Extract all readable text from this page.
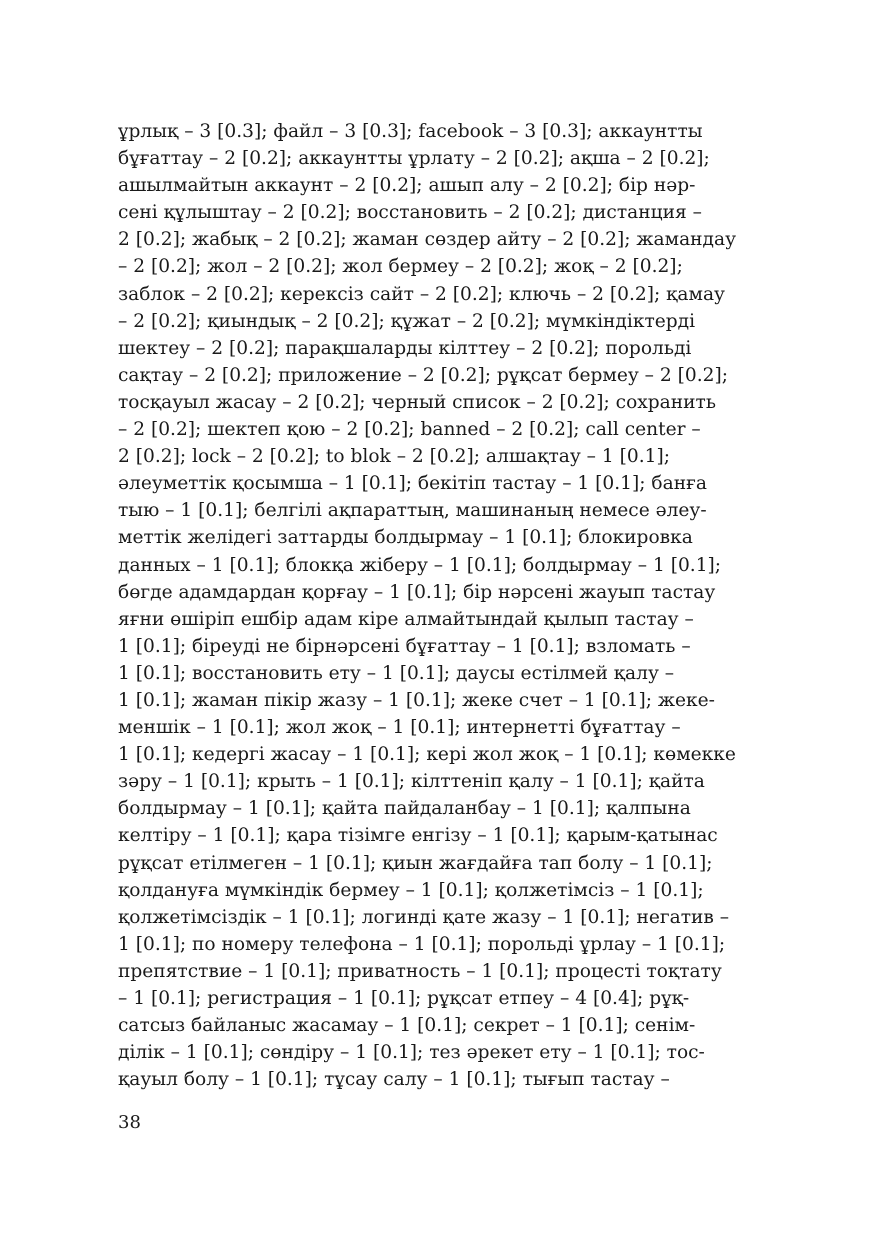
ұрлық – 3 [0.3]; файл – 3 [0.3]; facebook – 3 [0.3]; аккаунтты
бұғаттау – 2 [0.2]; аккаунтты ұрлату – 2 [0.2]; ақша – 2 [0.2];
ашылмайтын аккаунт – 2 [0.2]; ашып алу – 2 [0.2]; бір нәр-
сені құлыштау – 2 [0.2]; восстановить – 2 [0.2]; дистанция –
2 [0.2]; жабық – 2 [0.2]; жаман сөздер айту – 2 [0.2]; жамандау
– 2 [0.2]; жол – 2 [0.2]; жол бермеу – 2 [0.2]; жоқ – 2 [0.2];
заблок – 2 [0.2]; керексіз сайт – 2 [0.2]; ключь – 2 [0.2]; қамау
– 2 [0.2]; қиындық – 2 [0.2]; құжат – 2 [0.2]; мүмкіндіктерді
шектеу – 2 [0.2]; парақшаларды кілттеу – 2 [0.2]; порольді
сақтау – 2 [0.2]; приложение – 2 [0.2]; рұқсат бермеу – 2 [0.2];
тосқауыл жасау – 2 [0.2]; черный список – 2 [0.2]; сохранить
– 2 [0.2]; шектеп қою – 2 [0.2]; banned – 2 [0.2]; call center –
2 [0.2]; lock – 2 [0.2]; to blok – 2 [0.2]; алшақтау – 1 [0.1];
әлеуметтік қосымша – 1 [0.1]; бекітіп тастау – 1 [0.1]; банға
тыю – 1 [0.1]; белгілі ақпараттың, машинаның немесе әлеу-
меттік желідегі заттарды болдырмау – 1 [0.1]; блокировка
данных – 1 [0.1]; блокқа жіберу – 1 [0.1]; болдырмау – 1 [0.1];
бөгде адамдардан қорғау – 1 [0.1]; бір нәрсені жауып тастау
яғни өшіріп ешбір адам кіре алмайтындай қылып тастау –
1 [0.1]; біреуді не бірнәрсені бұғаттау – 1 [0.1]; взломать –
1 [0.1]; восстановить ету – 1 [0.1]; даусы естілмей қалу –
1 [0.1]; жаман пікір жазу – 1 [0.1]; жеке счет – 1 [0.1]; жеке-
меншік – 1 [0.1]; жол жоқ – 1 [0.1]; интернетті бұғаттау –
1 [0.1]; кедергі жасау – 1 [0.1]; кері жол жоқ – 1 [0.1]; көмекке
зәру – 1 [0.1]; крыть – 1 [0.1]; кілттеніп қалу – 1 [0.1]; қайта
болдырмау – 1 [0.1]; қайта пайдаланбау – 1 [0.1]; қалпына
келтіру – 1 [0.1]; қара тізімге енгізу – 1 [0.1]; қарым-қатынас
рұқсат етілмеген – 1 [0.1]; қиын жағдайға тап болу – 1 [0.1];
қолдануға мүмкіндік бермеу – 1 [0.1]; қолжетімсіз – 1 [0.1];
қолжетімсіздік – 1 [0.1]; логинді қате жазу – 1 [0.1]; негатив –
1 [0.1]; по номеру телефона – 1 [0.1]; порольді ұрлау – 1 [0.1];
препятствие – 1 [0.1]; приватность – 1 [0.1]; процесті тоқтату
– 1 [0.1]; регистрация – 1 [0.1]; рұқсат етпеу – 4 [0.4]; рұқ-
сатсыз байланыс жасамау – 1 [0.1]; секрет – 1 [0.1]; сенім-
ділік – 1 [0.1]; сөндіру – 1 [0.1]; тез әрекет ету – 1 [0.1]; тос-
қауыл болу – 1 [0.1]; тұсау салу – 1 [0.1]; тығып тастау –
38
